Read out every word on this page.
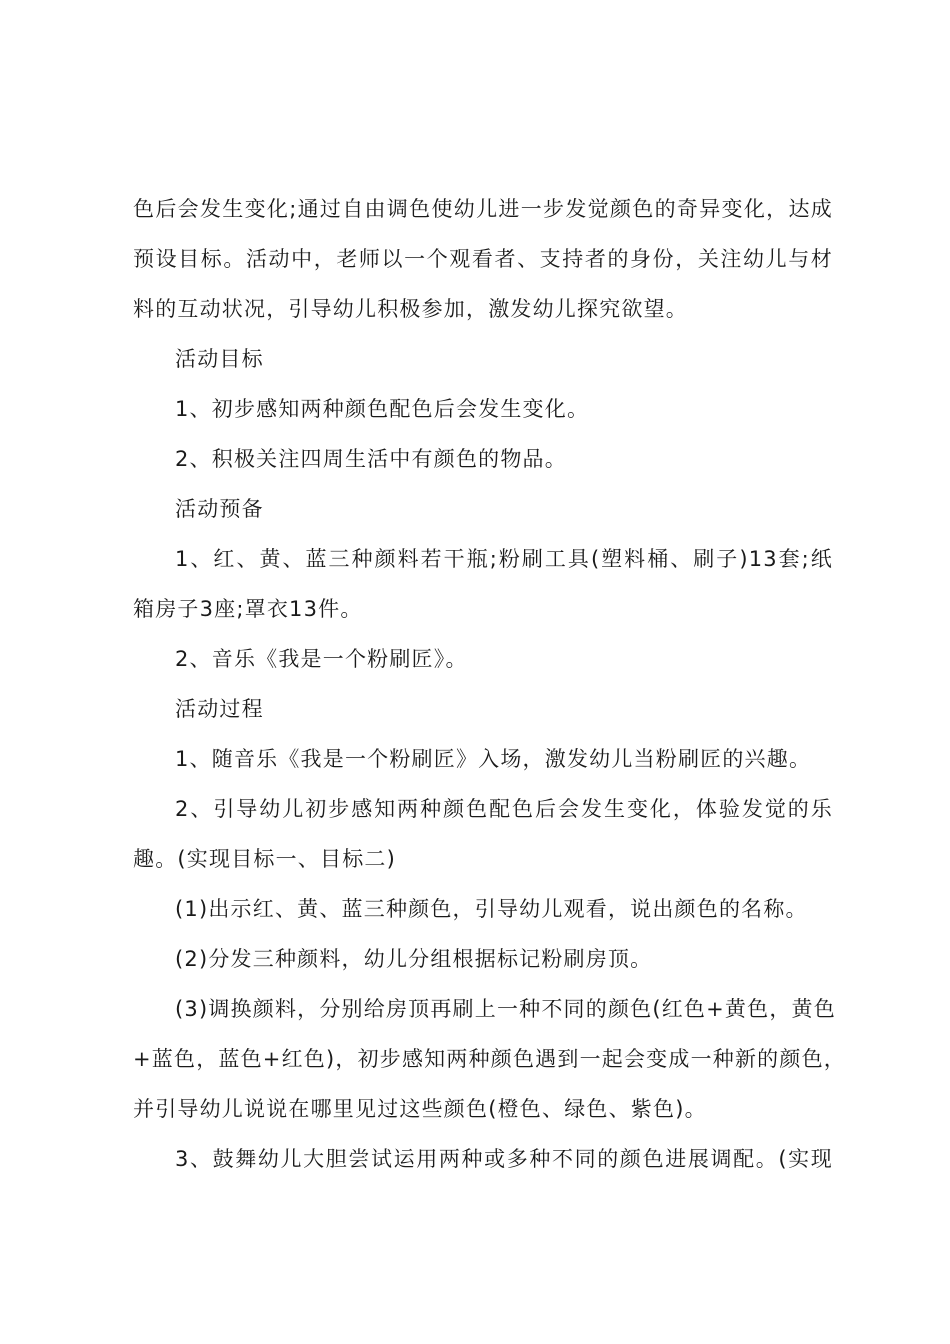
色后会发生变化;通过自由调色使幼儿进一步发觉颜色的奇异变化，达成
预设目标。活动中，老师以一个观看者、支持者的身份，关注幼儿与材
料的互动状况，引导幼儿积极参加，激发幼儿探究欲望。
活动目标
1、初步感知两种颜色配色后会发生变化。
2、积极关注四周生活中有颜色的物品。
活动预备
1、红、黄、蓝三种颜料若干瓶;粉刷工具(塑料桶、刷子)13套;纸
箱房子3座;罩衣13件。
2、音乐《我是一个粉刷匠》。
活动过程
1、随音乐《我是一个粉刷匠》入场，激发幼儿当粉刷匠的兴趣。
2、引导幼儿初步感知两种颜色配色后会发生变化，体验发觉的乐
趣。(实现目标一、目标二)
(1)出示红、黄、蓝三种颜色，引导幼儿观看，说出颜色的名称。
(2)分发三种颜料，幼儿分组根据标记粉刷房顶。
(3)调换颜料，分别给房顶再刷上一种不同的颜色(红色+黄色，黄色
+蓝色，蓝色+红色)，初步感知两种颜色遇到一起会变成一种新的颜色，
并引导幼儿说说在哪里见过这些颜色(橙色、绿色、紫色)。
3、鼓舞幼儿大胆尝试运用两种或多种不同的颜色进展调配。(实现
